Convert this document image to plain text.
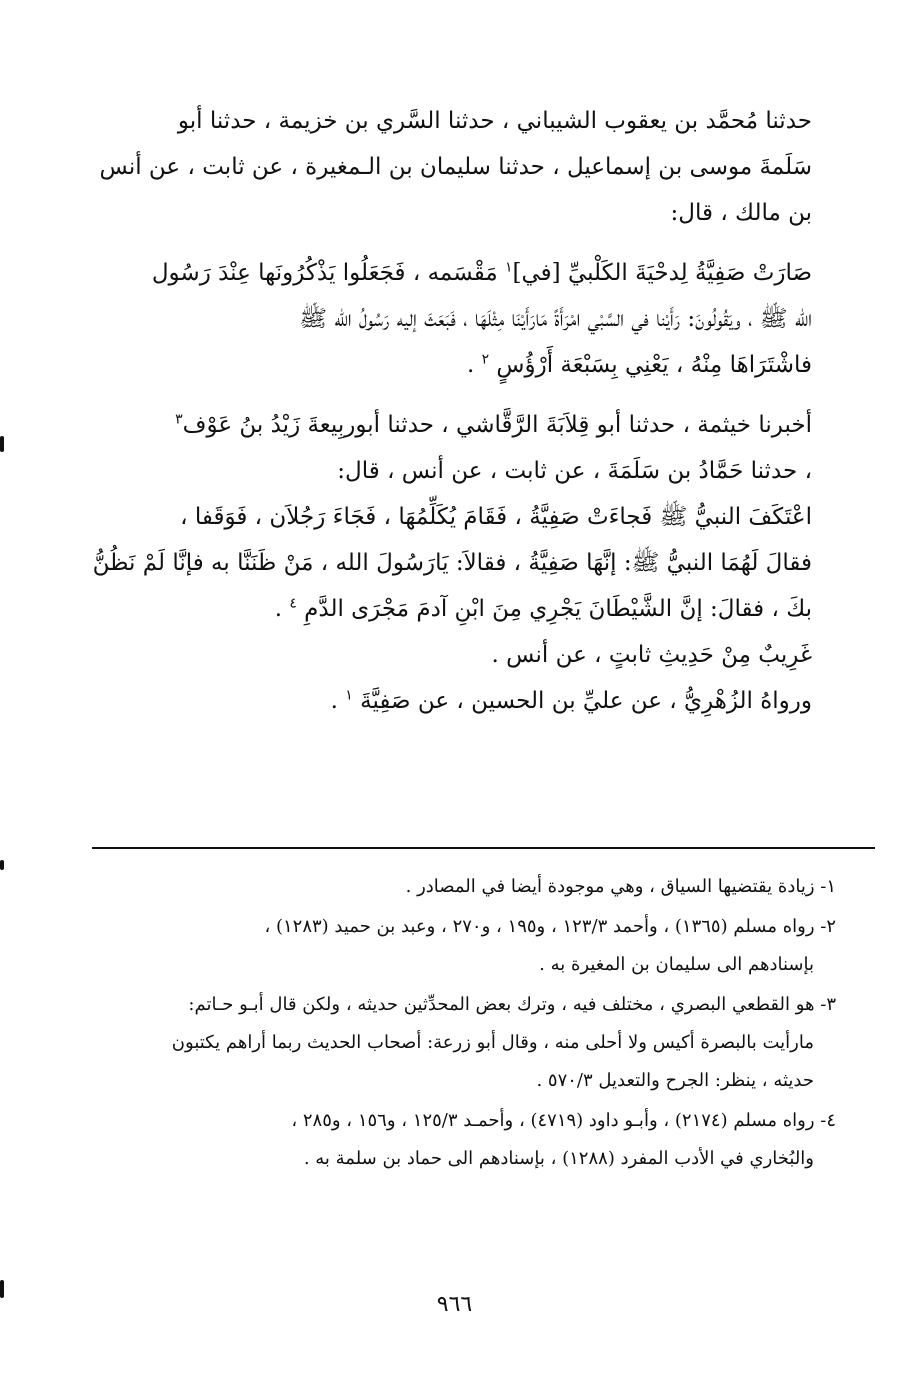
حدثنا مُحمَّد بن يعقوب الشيباني ، حدثنا السَّري بن خزيمة ، حدثنا أبو
سَلَمةَ موسى بن إسماعيل ، حدثنا سليمان بن الـمغيرة ، عن ثابت ، عن أنس
بن مالك ، قال:

صَارَتْ صَفِيَّةُ لِدحْيَةَ الكَلْبيِّ [في]$^١$ مَقْسَمه ، فَجَعَلُوا يَذْكُرُونَها عِنْدَ رَسُول
الله ﷺ ، ويَقُولُونَ: رَأَيْنا في السَّبْي امْرَأَةً مَارَأَيْنَا مِثْلَهَا ، فَبَعَثَ إليه رَسُولُ الله ﷺ
فاشْتَرَاهَا مِنْهُ ، يَعْنِي بِسَبْعَة أَرْؤُسٍ $^٢$ .

أخبرنا خيثمة ، حدثنا أبو قِلاَبَةَ الرَّقَّاشي ، حدثنا أبوربِيعةَ زَيْدُ بنُ عَوْف$^٣$
، حدثنا حَمَّادُ بن سَلَمَةَ ، عن ثابت ، عن أنس ، قال:

اعْتَكَفَ النبيُّ ﷺ فَجاءَتْ صَفِيَّةُ ، فَقَامَ يُكَلِّمُهَا ، فَجَاءَ رَجُلاَن ، فَوَقَفا ،
فقالَ لَهُمَا النبيُّ ﷺ: إنَّهَا صَفِيَّةُ ، فقالاَ: يَارَسُولَ الله ، مَنْ ظَنَنَّا به فإنَّا لَمْ نَظُنُّ
بكَ ، فقالَ: إنَّ الشَّيْطَانَ يَجْرِي مِنَ ابْنِ آدمَ مَجْرَى الدَّمِ $^٤$ .

غَرِيبٌ مِنْ حَدِيثِ ثابتٍ ، عن أنس .

ورواهُ الزُهْرِيُّ ، عن عليِّ بن الحسين ، عن صَفِيَّةَ $^١$ .

١- زيادة يقتضيها السياق ، وهي موجودة أيضا في المصادر .

٢- رواه مسلم (١٣٦٥) ، وأحمد ١٢٣/٣ ، و١٩٥ ، و٢٧٠ ، وعبد بن حميد (١٢٨٣) ،
بإسنادهم الى سليمان بن المغيرة به .

٣- هو القطعي البصري ، مختلف فيه ، وترك بعض المحدِّثين حديثه ، ولكن قال أبـو حـاتم:
مارأيت بالبصرة أكيس ولا أحلى منه ، وقال أبو زرعة: أصحاب الحديث ربما أراهم يكتبون
حديثه ، ينظر: الجرح والتعديل ٥٧٠/٣ .

٤- رواه مسلم (٢١٧٤) ، وأبـو داود (٤٧١٩) ، وأحمـد ١٢٥/٣ ، و١٥٦ ، و٢٨٥ ،
والبُخاري في الأدب المفرد (١٢٨٨) ، بإسنادهم الى حماد بن سلمة به .

٩٦٦
